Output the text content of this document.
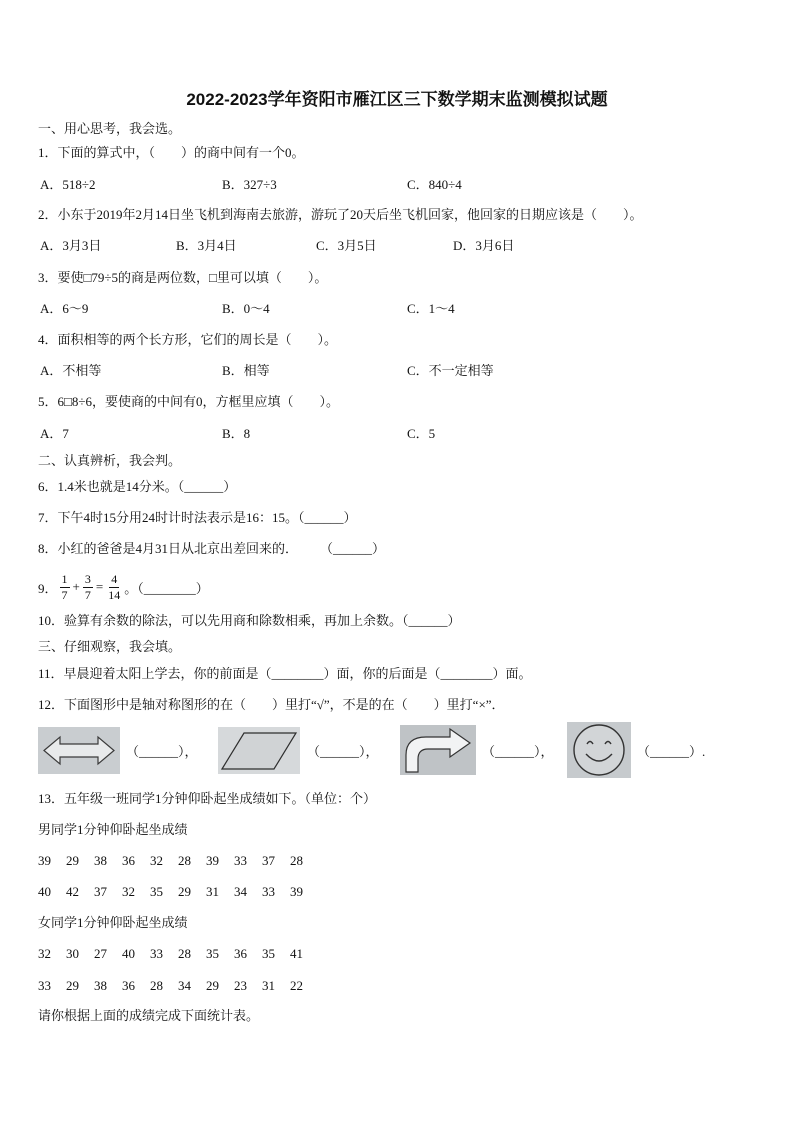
2022-2023学年资阳市雁江区三下数学期末监测模拟试题
一、用心思考，我会选。
1．下面的算式中，（　　）的商中间有一个0。
A．518÷2	B．327÷3	C．840÷4
2．小东于2019年2月14日坐飞机到海南去旅游，游玩了20天后坐飞机回家，他回家的日期应该是（　　）。
A．3月3日	B．3月4日	C．3月5日	D．3月6日
3．要使□79÷5的商是两位数，□里可以填（　　）。
A．6～9	B．0～4	C．1～4
4．面积相等的两个长方形，它们的周长是（　　）。
A．不相等	B．相等	C．不一定相等
5．6□8÷6，要使商的中间有0，方框里应填（　　）。
A．7	B．8	C．5
二、认真辨析，我会判。
6．1.4米也就是14分米。（______）
7．下午4时15分用24时计时法表示是16：15。（______）
8．小红的爸爸是4月31日从北京出差回来的． （______）
9． $\frac{1}{7} + \frac{3}{7} = \frac{4}{14}$ 。（________）
10．验算有余数的除法，可以先用商和除数相乘，再加上余数。（______）
三、仔细观察，我会填。
11．早晨迎着太阳上学去，你的前面是（________）面，你的后面是（________）面。
12．下面图形中是轴对称图形的在（　　）里打“√”，不是的在（　　）里打“×”．
（______），	（______），	（______），	（______）.
13．五年级一班同学1分钟仰卧起坐成绩如下。（单位：个）
男同学1分钟仰卧起坐成绩
39	29	38	36	32	28	39	33	37	28
40	42	37	32	35	29	31	34	33	39
女同学1分钟仰卧起坐成绩
32	30	27	40	33	28	35	36	35	41
33	29	38	36	28	34	29	23	31	22
请你根据上面的成绩完成下面统计表。
